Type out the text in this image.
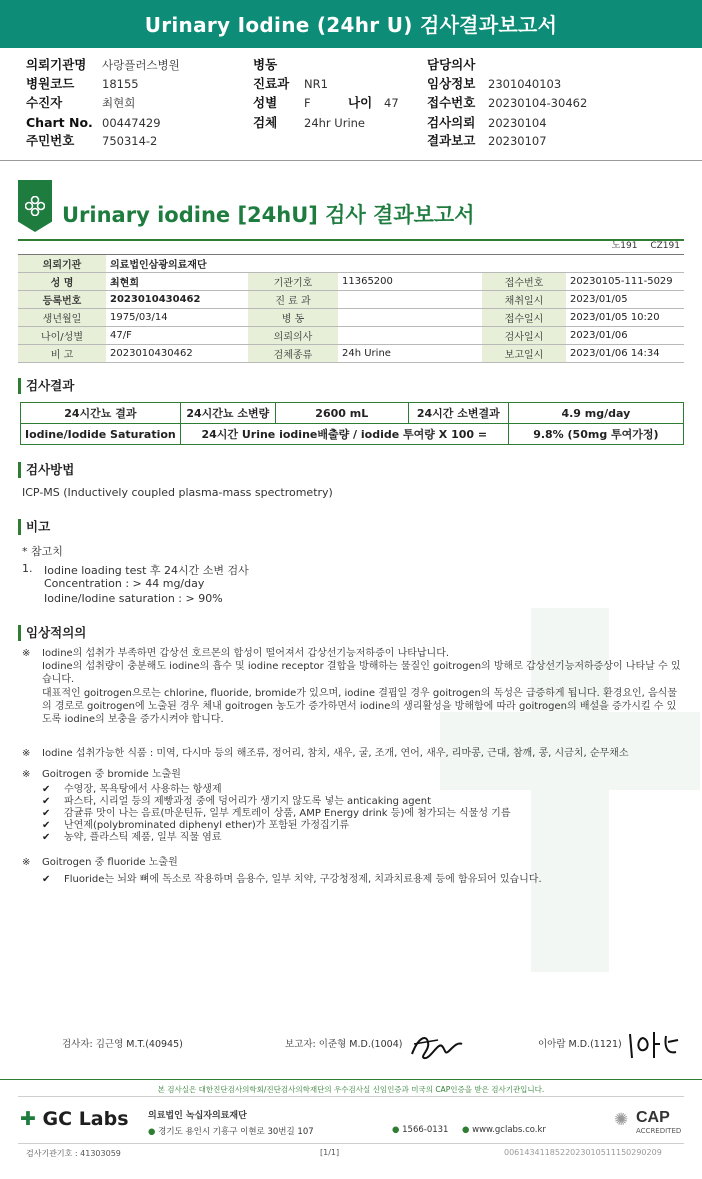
Urinary Iodine (24hr U) 검사결과보고서
의뢰기관명 사랑플러스병원
병원코드 18155
수진자	최현희
Chart No. 00447429
주민번호 750314-2
병동
진료과 NR1
성별 F	나이 47
검체 24hr Urine
담당의사
임상정보 2301040103
접수번호 20230104-30462
검사의뢰 20230104
결과보고 20230107
Urinary iodine [24hU] 검사 결과보고서
노191 CZ191
의뢰기관	의료법인삼광의료재단				
성 명	최현희	기관기호	11365200	접수번호	20230105-111-5029
등록번호	2023010430462	진 료 과		채취일시	2023/01/05
생년월일	1975/03/14	병 동		접수일시	2023/01/05 10:20
나이/성별	47/F	의뢰의사		검사일시	2023/01/06
비 고	2023010430462	검체종류	24h Urine	보고일시	2023/01/06 14:34
검사결과
24시간뇨 결과	24시간뇨 소변량	2600 mL	24시간 소변결과	4.9 mg/day
Iodine/Iodide Saturation	24시간 Urine iodine배출량 / iodide 투여량 X 100 =			9.8% (50mg 투여가정)
검사방법
ICP-MS (Inductively coupled plasma-mass spectrometry)
비고
* 참고치
1. Iodine loading test 후 24시간 소변 검사
Concentration : > 44 mg/day
Iodine/Iodine saturation : > 90%
임상적의의
※ Iodine의 섭취가 부족하면 갑상선 호르몬의 합성이 떨어져서 갑상선기능저하증이 나타납니다.
Iodine의 섭취량이 충분해도 iodine의 흡수 및 iodine receptor 결합을 방해하는 물질인 goitrogen의 방해로 갑상선기능저하증상이 나타날 수 있습니다.
대표적인 goitrogen으로는 chlorine, fluoride, bromide가 있으며, iodine 결핍일 경우 goitrogen의 독성은 급증하게 됩니다. 환경요인, 음식물의 경로로 goitrogen에 노출된 경우 체내 goitrogen 농도가 증가하면서 iodine의 생리활성을 방해함에 따라 goitrogen의 배설을 증가시킬 수 있도록 iodine의 보충을 증가시켜야 합니다.
※ Iodine 섭취가능한 식품 : 미역, 다시마 등의 해조류, 정어리, 참치, 새우, 굴, 조개, 연어, 새우, 리마콩, 근대, 참깨, 콩, 시금치, 순무채소
※ Goitrogen 중 bromide 노출원
✔ 수영장, 목욕탕에서 사용하는 항생제
✔ 파스타, 시리얼 등의 제빵과정 중에 덩어리가 생기지 않도록 넣는 anticaking agent
✔ 감귤류 맛이 나는 음료(마운틴듀, 일부 게토레이 상품, AMP Energy drink 등)에 첨가되는 식물성 기름
✔ 난연제(polybrominated diphenyl ether)가 포함된 가정집기류
✔ 농약, 플라스틱 제품, 일부 직물 염료
※ Goitrogen 중 fluoride 노출원
✔ Fluoride는 뇌와 뼈에 독소로 작용하며 음용수, 일부 치약, 구강청정제, 치과치료용제 등에 함유되어 있습니다.
검사자: 김근영 M.T.(40945)	보고자: 이준형 M.D.(1004)	이아람 M.D.(1121)
본 검사실은 대한진단검사의학회/진단검사의학재단의 우수검사실 신임인증과 미국의 CAP인증을 받은 검사기관입니다.
✚ GC Labs 의료법인 녹십자의료재단
● 경기도 용인시 기흥구 이현로 30번길 107	● 1566-0131 ● www.gclabs.co.kr	✺ CAP
ACCREDITED
검사기관기호 : 41303059	[1/1]	0061434118522023010511150290209
